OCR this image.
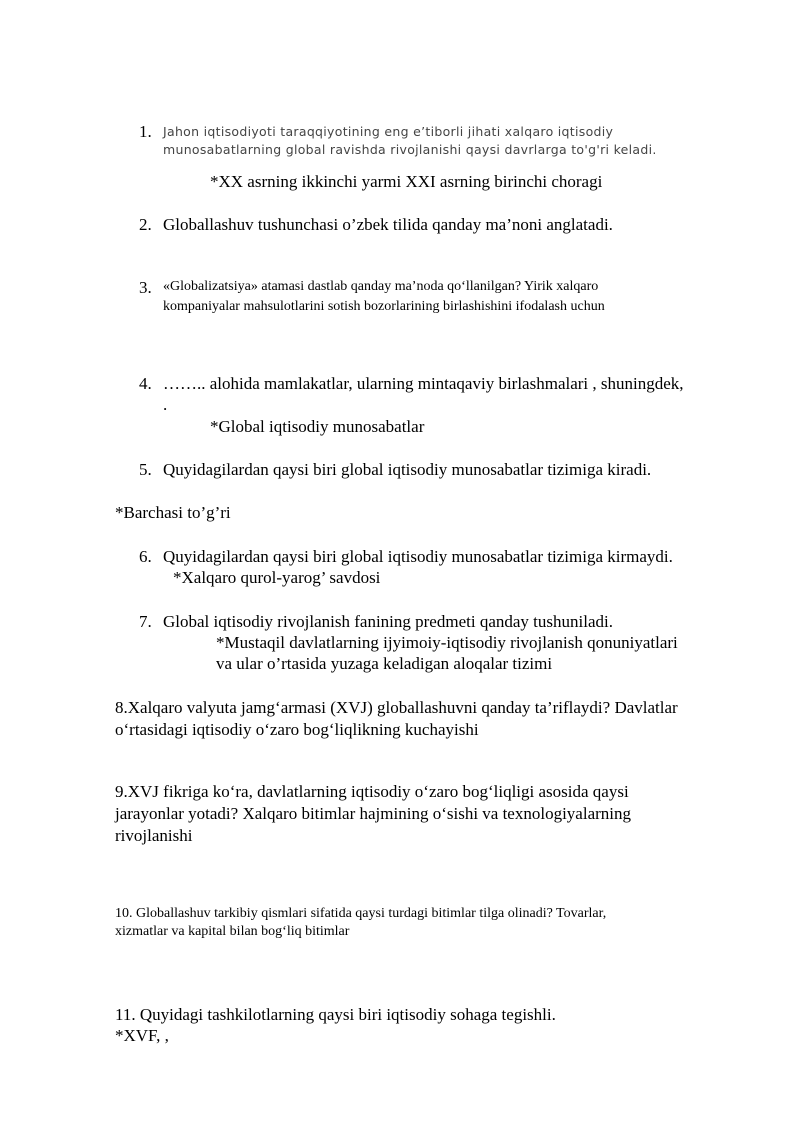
1. Jahon iqtisodiyoti taraqqiyotining eng e’tiborli jihati xalqaro iqtisodiy
munosabatlarning global ravishda rivojlanishi qaysi davrlarga to'g'ri keladi.
*XX asrning ikkinchi yarmi XXI asrning birinchi choragi
2. Globallashuv tushunchasi o’zbek tilida qanday ma’noni anglatadi.
3. «Globalizatsiya» atamasi dastlab qanday ma’noda qo‘llanilgan? Yirik xalqaro
kompaniyalar mahsulotlarini sotish bozorlarining birlashishini ifodalash uchun
4. …….. alohida mamlakatlar, ularning mintaqaviy birlashmalari , shuningdek,
.
*Global iqtisodiy munosabatlar
5. Quyidagilardan qaysi biri global iqtisodiy munosabatlar tizimiga kiradi.
*Barchasi to’g’ri
6. Quyidagilardan qaysi biri global iqtisodiy munosabatlar tizimiga kirmaydi.
*Xalqaro qurol-yarog’ savdosi
7. Global iqtisodiy rivojlanish fanining predmeti qanday tushuniladi.
*Mustaqil davlatlarning ijyimoiy-iqtisodiy rivojlanish qonuniyatlari
va ular o’rtasida yuzaga keladigan aloqalar tizimi
8.Xalqaro valyuta jamg‘armasi (XVJ) globallashuvni qanday ta’riflaydi? Davlatlar
o‘rtasidagi iqtisodiy o‘zaro bog‘liqlikning kuchayishi
9.XVJ fikriga ko‘ra, davlatlarning iqtisodiy o‘zaro bog‘liqligi asosida qaysi
jarayonlar yotadi? Xalqaro bitimlar hajmining o‘sishi va texnologiyalarning
rivojlanishi
10. Globallashuv tarkibiy qismlari sifatida qaysi turdagi bitimlar tilga olinadi? Tovarlar,
xizmatlar va kapital bilan bog‘liq bitimlar
11. Quyidagi tashkilotlarning qaysi biri iqtisodiy sohaga tegishli.
*XVF, ,
